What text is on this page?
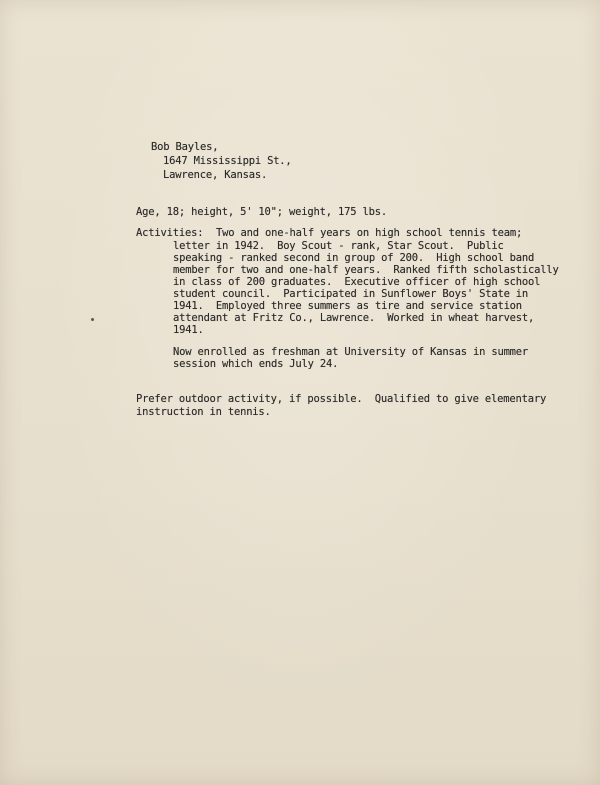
Bob Bayles,
1647 Mississippi St.,
Lawrence, Kansas.
Age, 18; height, 5' 10"; weight, 175 lbs.
Activities: Two and one-half years on high school tennis team;
letter in 1942.  Boy Scout - rank, Star Scout.  Public
speaking - ranked second in group of 200.  High school band
member for two and one-half years.  Ranked fifth scholastically
in class of 200 graduates.  Executive officer of high school
student council.  Participated in Sunflower Boys' State in
1941.  Employed three summers as tire and service station
attendant at Fritz Co., Lawrence.  Worked in wheat harvest,
1941.
Now enrolled as freshman at University of Kansas in summer
session which ends July 24.
Prefer outdoor activity, if possible.  Qualified to give elementary
instruction in tennis.
